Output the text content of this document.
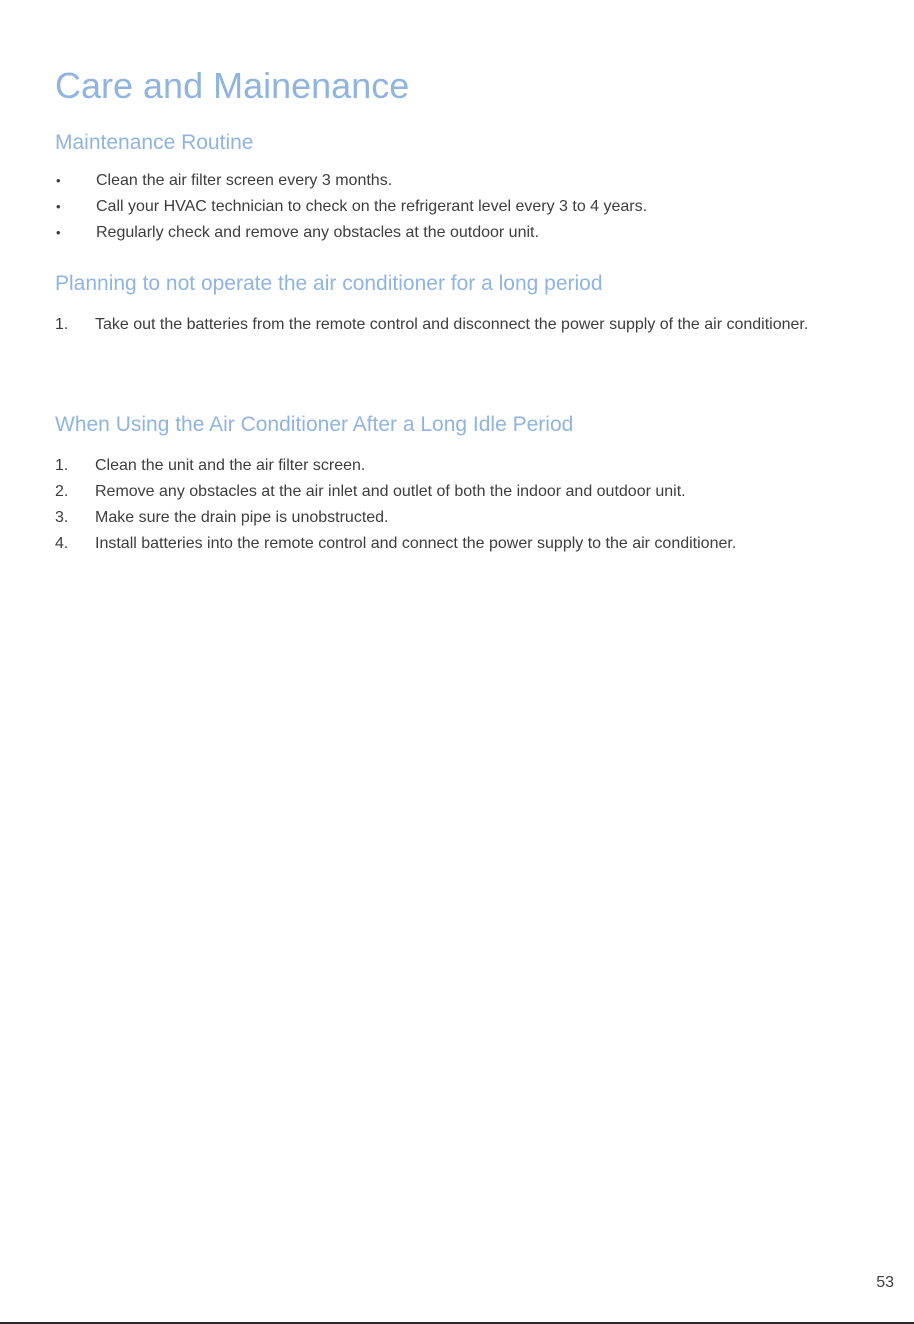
Care and Mainenance
Maintenance Routine
•	Clean the air filter screen every 3 months.
•	Call your HVAC technician to check on the refrigerant level every 3 to 4 years.
•	Regularly check and remove any obstacles at the outdoor unit.
Planning to not operate the air conditioner for a long period
1.	Take out the batteries from the remote control and disconnect the power supply of the air conditioner.
When Using the Air Conditioner After a Long Idle Period
1.	Clean the unit and the air filter screen.
2.	Remove any obstacles at the air inlet and outlet of both the indoor and outdoor unit.
3.	Make sure the drain pipe is unobstructed.
4.	Install batteries into the remote control and connect the power supply to the air conditioner.
53
